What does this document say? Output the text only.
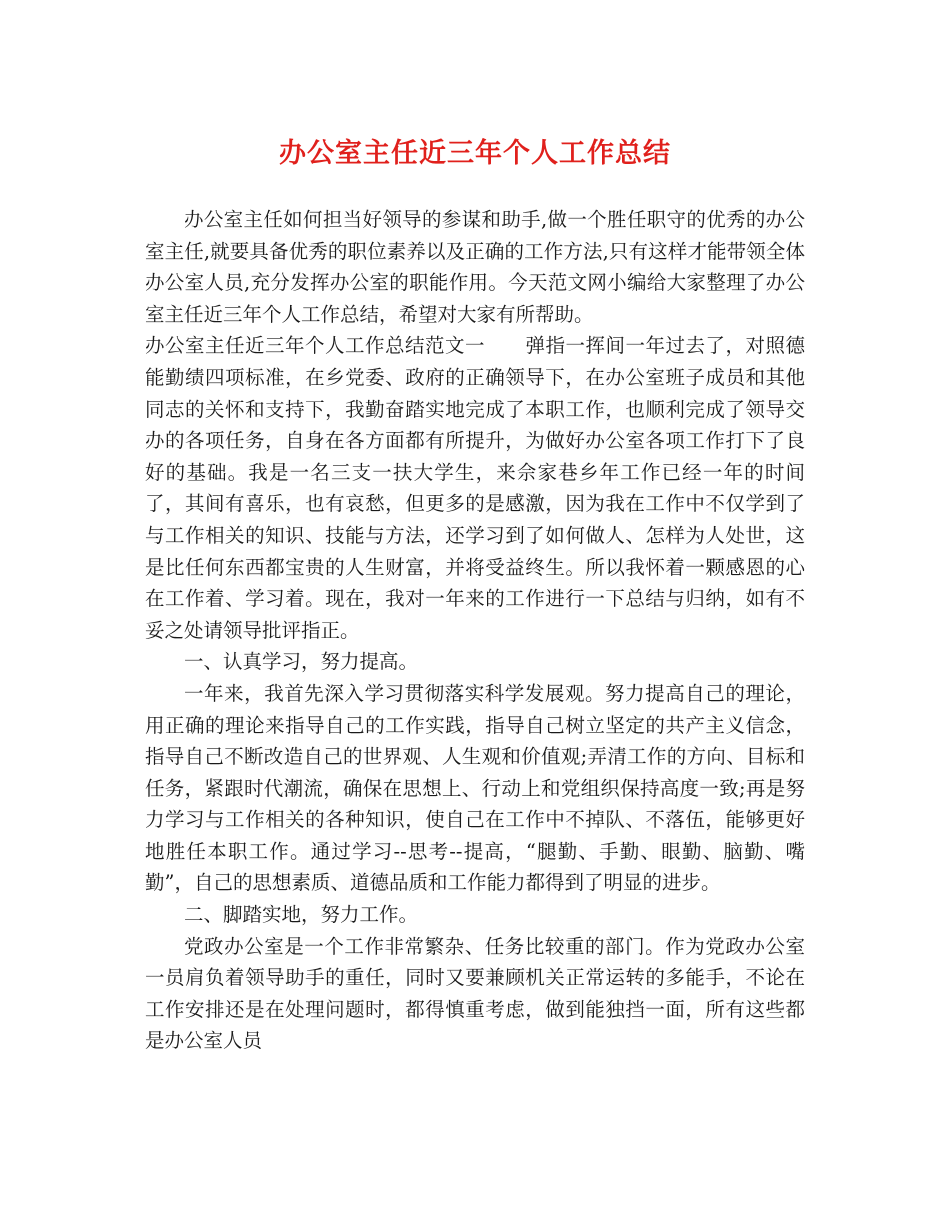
办公室主任近三年个人工作总结

办公室主任如何担当好领导的参谋和助手,做一个胜任职守的优秀的办公室主任,就要具备优秀的职位素养以及正确的工作方法,只有这样才能带领全体办公室人员,充分发挥办公室的职能作用。今天范文网小编给大家整理了办公室主任近三年个人工作总结，希望对大家有所帮助。

办公室主任近三年个人工作总结范文一 弹指一挥间一年过去了，对照德能勤绩四项标准，在乡党委、政府的正确领导下，在办公室班子成员和其他同志的关怀和支持下，我勤奋踏实地完成了本职工作，也顺利完成了领导交办的各项任务，自身在各方面都有所提升，为做好办公室各项工作打下了良好的基础。我是一名三支一扶大学生，来佘家巷乡年工作已经一年的时间了，其间有喜乐，也有哀愁，但更多的是感激，因为我在工作中不仅学到了与工作相关的知识、技能与方法，还学习到了如何做人、怎样为人处世，这是比任何东西都宝贵的人生财富，并将受益终生。所以我怀着一颗感恩的心在工作着、学习着。现在，我对一年来的工作进行一下总结与归纳，如有不妥之处请领导批评指正。

一、认真学习，努力提高。

一年来，我首先深入学习贯彻落实科学发展观。努力提高自己的理论，用正确的理论来指导自己的工作实践，指导自己树立坚定的共产主义信念，指导自己不断改造自己的世界观、人生观和价值观;弄清工作的方向、目标和任务，紧跟时代潮流，确保在思想上、行动上和党组织保持高度一致;再是努力学习与工作相关的各种知识，使自己在工作中不掉队、不落伍，能够更好地胜任本职工作。通过学习--思考--提高，“腿勤、手勤、眼勤、脑勤、嘴勤”，自己的思想素质、道德品质和工作能力都得到了明显的进步。

二、脚踏实地，努力工作。

党政办公室是一个工作非常繁杂、任务比较重的部门。作为党政办公室一员肩负着领导助手的重任，同时又要兼顾机关正常运转的多能手，不论在工作安排还是在处理问题时，都得慎重考虑，做到能独挡一面，所有这些都是办公室人员
